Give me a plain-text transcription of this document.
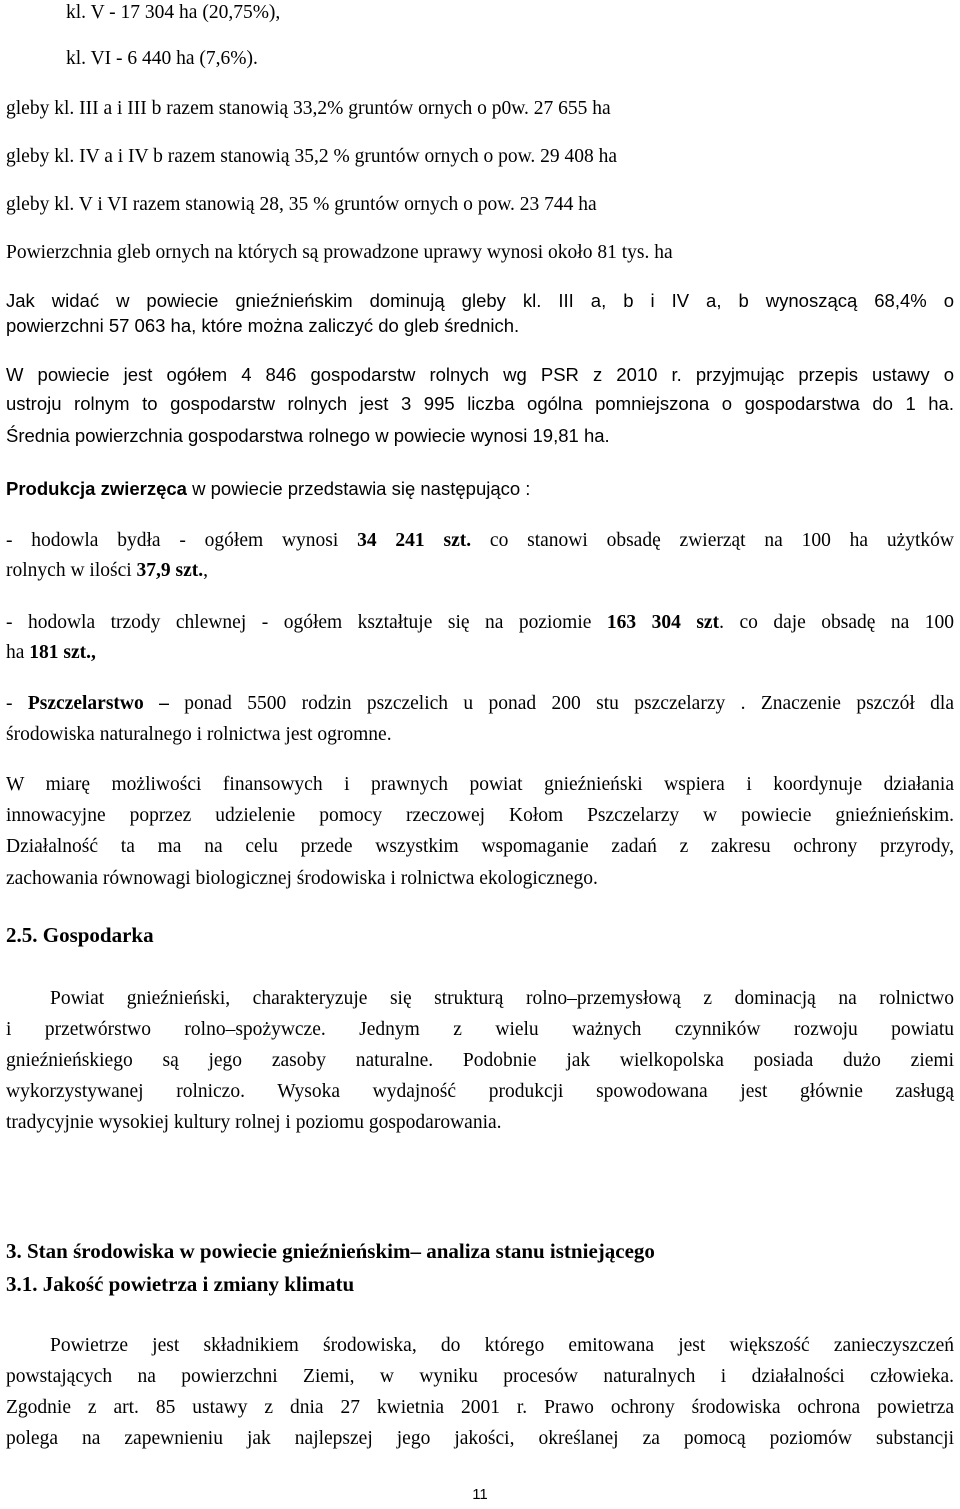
kl. V - 17 304 ha (20,75%),
kl. VI - 6 440 ha (7,6%).
gleby kl. III a i III b razem stanowią 33,2% gruntów ornych o p0w. 27 655 ha
gleby kl. IV a i IV b razem stanowią 35,2 % gruntów ornych o pow. 29 408 ha
gleby kl. V i VI razem stanowią 28, 35 % gruntów ornych o pow. 23 744 ha
Powierzchnia gleb ornych na których są prowadzone uprawy wynosi około 81 tys. ha
Jak widać w powiecie gnieźnieńskim dominują gleby kl. III a, b i IV a, b wynoszącą 68,4% o
powierzchni 57 063 ha, które można zaliczyć do gleb średnich.
W powiecie jest ogółem 4 846 gospodarstw rolnych wg PSR z 2010 r. przyjmując przepis ustawy o
ustroju rolnym to gospodarstw rolnych jest 3 995 liczba ogólna pomniejszona o gospodarstwa do 1 ha.
Średnia powierzchnia gospodarstwa rolnego w powiecie wynosi 19,81 ha.
Produkcja zwierzęca w powiecie przedstawia się następująco :
- hodowla bydła - ogółem wynosi 34 241 szt. co stanowi obsadę zwierząt na 100 ha użytków
rolnych w ilości 37,9 szt.,
- hodowla trzody chlewnej - ogółem kształtuje się na poziomie 163 304 szt. co daje obsadę na 100
ha 181 szt.,
- Pszczelarstwo – ponad 5500 rodzin pszczelich u ponad 200 stu pszczelarzy . Znaczenie pszczół dla
środowiska naturalnego i rolnictwa jest ogromne.
W miarę możliwości finansowych i prawnych powiat gnieźnieński wspiera i koordynuje działania
innowacyjne poprzez udzielenie pomocy rzeczowej Kołom Pszczelarzy w powiecie gnieźnieńskim.
Działalność ta ma na celu przede wszystkim wspomaganie zadań z zakresu ochrony przyrody,
zachowania równowagi biologicznej środowiska i rolnictwa ekologicznego.
2.5. Gospodarka
Powiat gnieźnieński, charakteryzuje się strukturą rolno–przemysłową z dominacją na rolnictwo
i przetwórstwo rolno–spożywcze. Jednym z wielu ważnych czynników rozwoju powiatu
gnieźnieńskiego są jego zasoby naturalne. Podobnie jak wielkopolska posiada dużo ziemi
wykorzystywanej rolniczo. Wysoka wydajność produkcji spowodowana jest głównie zasługą
tradycyjnie wysokiej kultury rolnej i poziomu gospodarowania.
3. Stan środowiska w powiecie gnieźnieńskim– analiza stanu istniejącego
3.1. Jakość powietrza i zmiany klimatu
Powietrze jest składnikiem środowiska, do którego emitowana jest większość zanieczyszczeń
powstających na powierzchni Ziemi, w wyniku procesów naturalnych i działalności człowieka.
Zgodnie z art. 85 ustawy z dnia 27 kwietnia 2001 r. Prawo ochrony środowiska ochrona powietrza
polega na zapewnieniu jak najlepszej jego jakości, określanej za pomocą poziomów substancji
11
